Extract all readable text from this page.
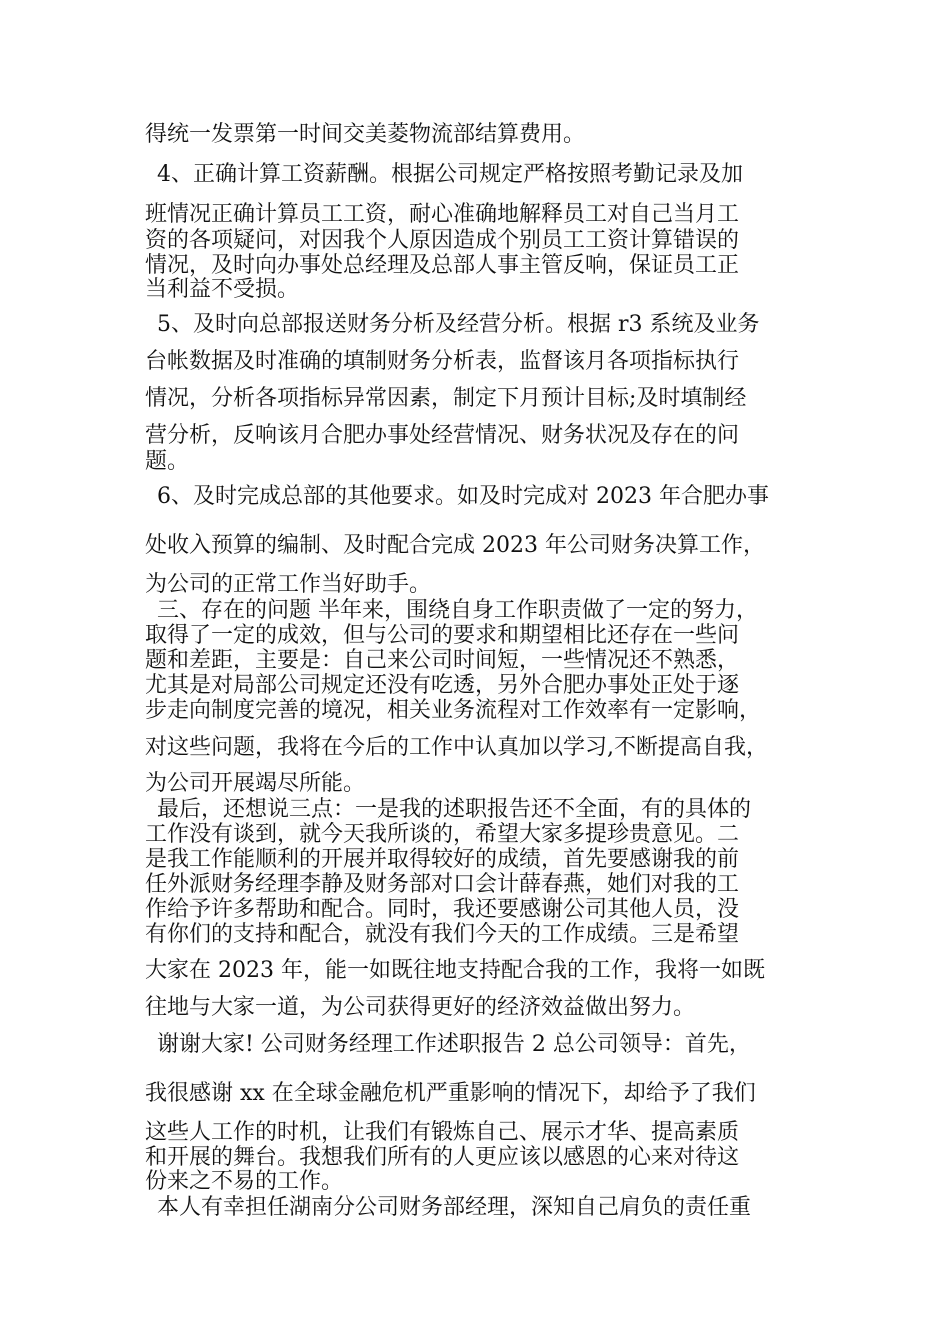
得统一发票第一时间交美菱物流部结算费用。
4、正确计算工资薪酬。根据公司规定严格按照考勤记录及加
班情况正确计算员工工资，耐心准确地解释员工对自己当月工
资的各项疑问，对因我个人原因造成个别员工工资计算错误的
情况，及时向办事处总经理及总部人事主管反响，保证员工正
当利益不受损。
5、及时向总部报送财务分析及经营分析。根据 r3 系统及业务
台帐数据及时准确的填制财务分析表，监督该月各项指标执行
情况，分析各项指标异常因素，制定下月预计目标;及时填制经
营分析，反响该月合肥办事处经营情况、财务状况及存在的问
题。
6、及时完成总部的其他要求。如及时完成对 2023 年合肥办事
处收入预算的编制、及时配合完成 2023 年公司财务决算工作，
为公司的正常工作当好助手。
三、存在的问题 半年来，围绕自身工作职责做了一定的努力，
取得了一定的成效，但与公司的要求和期望相比还存在一些问
题和差距，主要是：自己来公司时间短，一些情况还不熟悉，
尤其是对局部公司规定还没有吃透，另外合肥办事处正处于逐
步走向制度完善的境况，相关业务流程对工作效率有一定影响，
对这些问题，我将在今后的工作中认真加以学习,不断提高自我，
为公司开展竭尽所能。
最后，还想说三点：一是我的述职报告还不全面，有的具体的
工作没有谈到，就今天我所谈的，希望大家多提珍贵意见。二
是我工作能顺利的开展并取得较好的成绩，首先要感谢我的前
任外派财务经理李静及财务部对口会计薛春燕，她们对我的工
作给予许多帮助和配合。同时，我还要感谢公司其他人员，没
有你们的支持和配合，就没有我们今天的工作成绩。三是希望
大家在 2023 年，能一如既往地支持配合我的工作，我将一如既
往地与大家一道，为公司获得更好的经济效益做出努力。
谢谢大家! 公司财务经理工作述职报告 2 总公司领导：首先，
我很感谢 xx 在全球金融危机严重影响的情况下，却给予了我们
这些人工作的时机，让我们有锻炼自己、展示才华、提高素质
和开展的舞台。我想我们所有的人更应该以感恩的心来对待这
份来之不易的工作。
本人有幸担任湖南分公司财务部经理，深知自己肩负的责任重
